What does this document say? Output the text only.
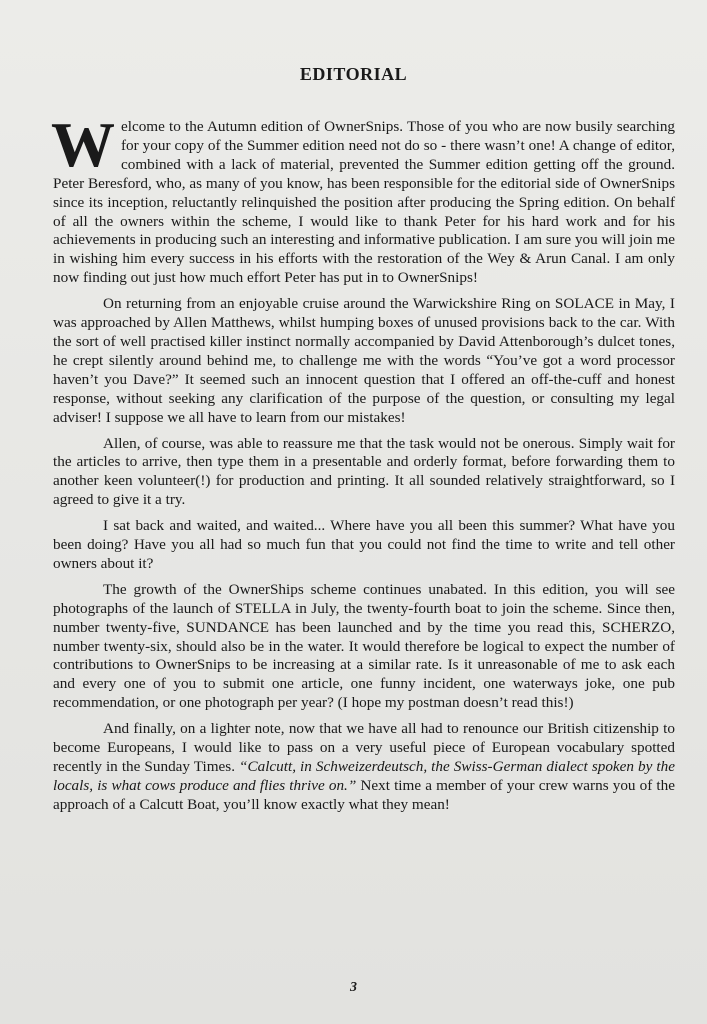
EDITORIAL

Welcome to the Autumn edition of OwnerSnips. Those of you who are now busily searching for your copy of the Summer edition need not do so - there wasn’t one! A change of editor, combined with a lack of material, prevented the Summer edition getting off the ground. Peter Beresford, who, as many of you know, has been responsible for the editorial side of OwnerSnips since its inception, reluctantly relinquished the position after producing the Spring edition. On behalf of all the owners within the scheme, I would like to thank Peter for his hard work and for his achievements in producing such an interesting and informative publication. I am sure you will join me in wishing him every success in his efforts with the restoration of the Wey & Arun Canal. I am only now finding out just how much effort Peter has put in to OwnerSnips!

On returning from an enjoyable cruise around the Warwickshire Ring on SOLACE in May, I was approached by Allen Matthews, whilst humping boxes of unused provisions back to the car. With the sort of well practised killer instinct normally accompanied by David Attenborough’s dulcet tones, he crept silently around behind me, to challenge me with the words “You’ve got a word processor haven’t you Dave?” It seemed such an innocent question that I offered an off-the-cuff and honest response, without seeking any clarification of the purpose of the question, or consulting my legal adviser! I suppose we all have to learn from our mistakes!

Allen, of course, was able to reassure me that the task would not be onerous. Simply wait for the articles to arrive, then type them in a presentable and orderly format, before forwarding them to another keen volunteer(!) for production and printing. It all sounded relatively straightforward, so I agreed to give it a try.

I sat back and waited, and waited... Where have you all been this summer? What have you been doing? Have you all had so much fun that you could not find the time to write and tell other owners about it?

The growth of the OwnerShips scheme continues unabated. In this edition, you will see photographs of the launch of STELLA in July, the twenty-fourth boat to join the scheme. Since then, number twenty-five, SUNDANCE has been launched and by the time you read this, SCHERZO, number twenty-six, should also be in the water. It would therefore be logical to expect the number of contributions to OwnerSnips to be increasing at a similar rate. Is it unreasonable of me to ask each and every one of you to submit one article, one funny incident, one waterways joke, one pub recommendation, or one photograph per year? (I hope my postman doesn’t read this!)

And finally, on a lighter note, now that we have all had to renounce our British citizenship to become Europeans, I would like to pass on a very useful piece of European vocabulary spotted recently in the Sunday Times. “Calcutt, in Schweizerdeutsch, the Swiss-German dialect spoken by the locals, is what cows produce and flies thrive on.” Next time a member of your crew warns you of the approach of a Calcutt Boat, you’ll know exactly what they mean!

3
